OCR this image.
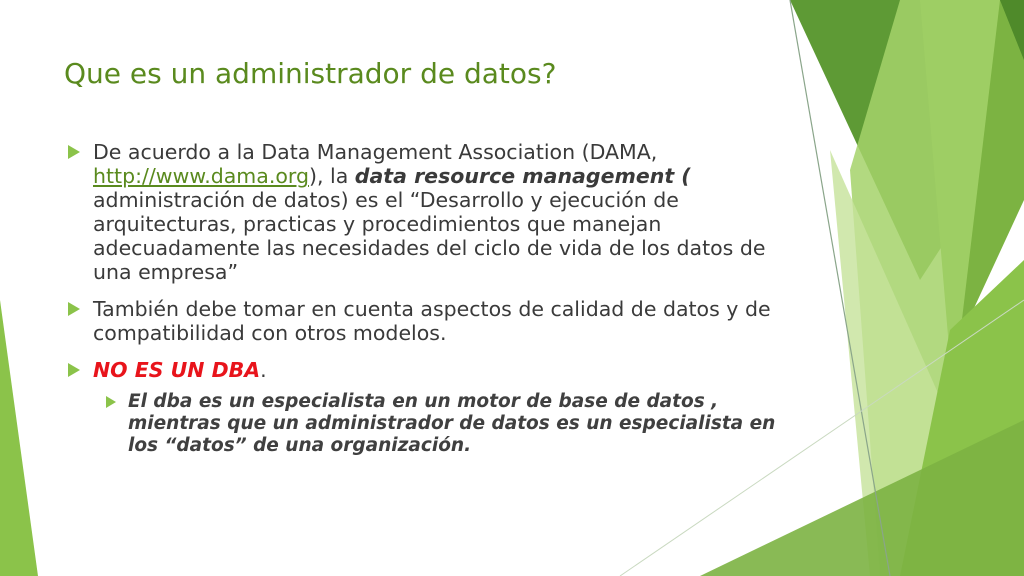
Que es un administrador de datos?
De acuerdo a la Data Management Association (DAMA, http://www.dama.org), la data resource management (
administración de datos) es el “Desarrollo y ejecución de arquitecturas, practicas y procedimientos que manejan adecuadamente las necesidades del ciclo de vida de los datos de una empresa”
También debe tomar en cuenta aspectos de calidad de datos y de compatibilidad con otros modelos.
NO ES UN DBA.
El dba es un especialista en un motor de base de datos , mientras que un administrador de datos es un especialista en los “datos” de una organización.
